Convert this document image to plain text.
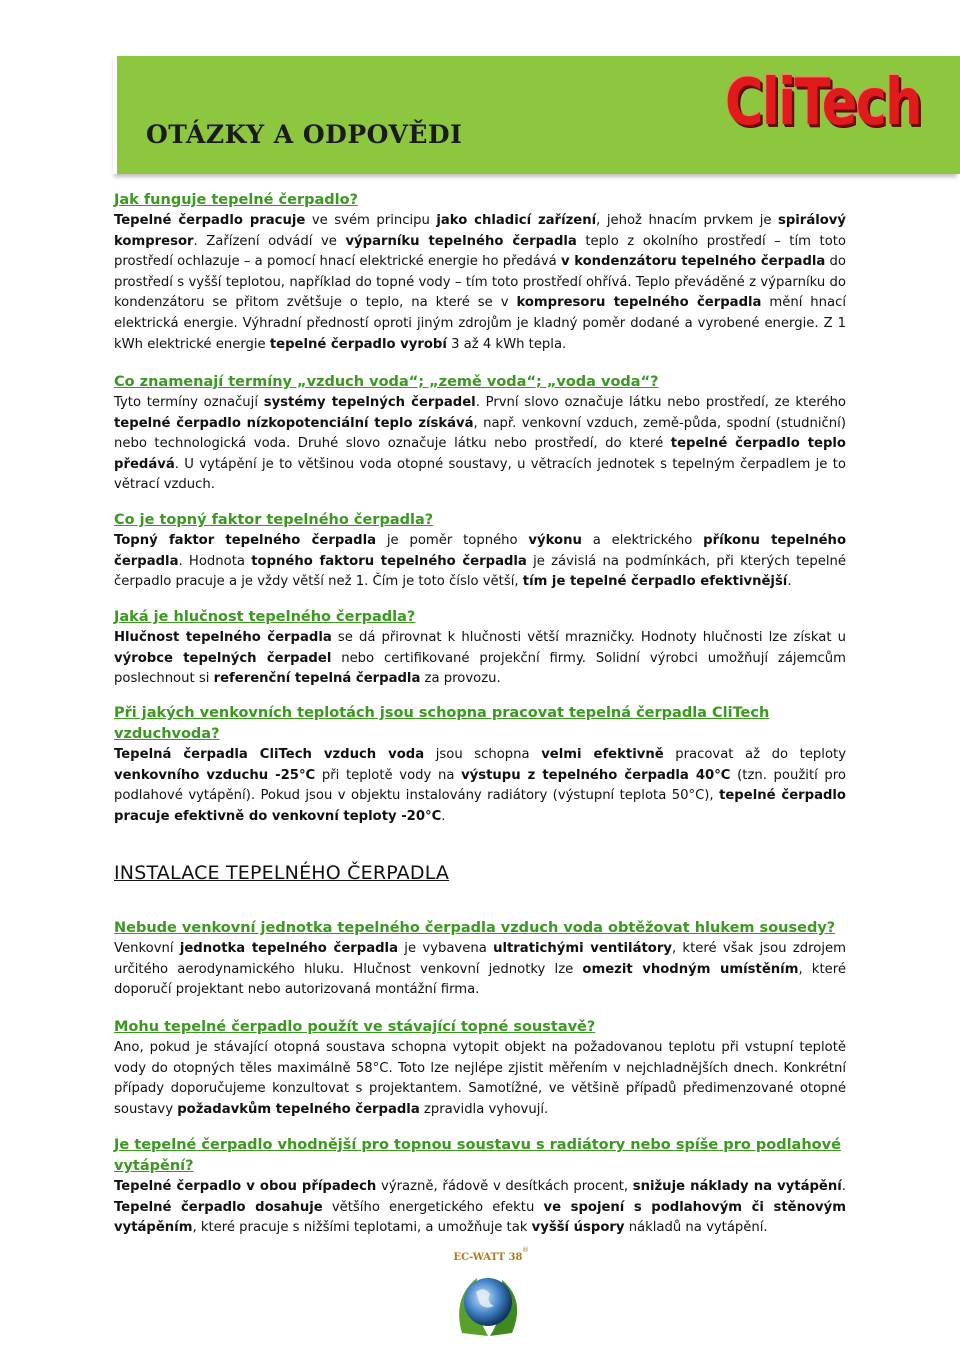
OTÁZKY A ODPOVĚDI	CliTech
Jak funguje tepelné čerpadlo?

Tepelné čerpadlo pracuje ve svém principu jako chladicí zařízení, jehož hnacím prvkem je spirálový kompresor. Zařízení odvádí ve výparníku tepelného čerpadla teplo z okolního prostředí – tím toto prostředí ochlazuje – a pomocí hnací elektrické energie ho předává v kondenzátoru tepelného čerpadla do prostředí s vyšší teplotou, například do topné vody – tím toto prostředí ohřívá. Teplo převáděné z výparníku do kondenzátoru se přitom zvětšuje o teplo, na které se v kompresoru tepelného čerpadla mění hnací elektrická energie. Výhradní předností oproti jiným zdrojům je kladný poměr dodané a vyrobené energie. Z 1 kWh elektrické energie tepelné čerpadlo vyrobí 3 až 4 kWh tepla.

Co znamenají termíny „vzduch voda“; „země voda“; „voda voda“?

Tyto termíny označují systémy tepelných čerpadel. První slovo označuje látku nebo prostředí, ze kterého tepelné čerpadlo nízkopotenciální teplo získává, např. venkovní vzduch, země-půda, spodní (studniční) nebo technologická voda. Druhé slovo označuje látku nebo prostředí, do které tepelné čerpadlo teplo předává. U vytápění je to většinou voda otopné soustavy, u větracích jednotek s tepelným čerpadlem je to větrací vzduch.

Co je topný faktor tepelného čerpadla?

Topný faktor tepelného čerpadla je poměr topného výkonu a elektrického příkonu tepelného čerpadla. Hodnota topného faktoru tepelného čerpadla je závislá na podmínkách, při kterých tepelné čerpadlo pracuje a je vždy větší než 1. Čím je toto číslo větší, tím je tepelné čerpadlo efektivnější.

Jaká je hlučnost tepelného čerpadla?

Hlučnost tepelného čerpadla se dá přirovnat k hlučnosti větší mrazničky. Hodnoty hlučnosti lze získat u výrobce tepelných čerpadel nebo certifikované projekční firmy. Solidní výrobci umožňují zájemcům poslechnout si referenční tepelná čerpadla za provozu.

Při jakých venkovních teplotách jsou schopna pracovat tepelná čerpadla CliTech vzduchvoda?

Tepelná čerpadla CliTech vzduch voda jsou schopna velmi efektivně pracovat až do teploty venkovního vzduchu -25°C při teplotě vody na výstupu z tepelného čerpadla 40°C (tzn. použití pro podlahové vytápění). Pokud jsou v objektu instalovány radiátory (výstupní teplota 50°C), tepelné čerpadlo pracuje efektivně do venkovní teploty -20°C.

INSTALACE TEPELNÉHO ČERPADLA
Nebude venkovní jednotka tepelného čerpadla vzduch voda obtěžovat hlukem sousedy?

Venkovní jednotka tepelného čerpadla je vybavena ultratichými ventilátory, které však jsou zdrojem určitého aerodynamického hluku. Hlučnost venkovní jednotky lze omezit vhodným umístěním, které doporučí projektant nebo autorizovaná montážní firma.

Mohu tepelné čerpadlo použít ve stávající topné soustavě?

Ano, pokud je stávající otopná soustava schopna vytopit objekt na požadovanou teplotu při vstupní teplotě vody do otopných těles maximálně 58°C. Toto lze nejlépe zjistit měřením v nejchladnějších dnech. Konkrétní případy doporučujeme konzultovat s projektantem. Samotížné, ve většině případů předimenzované otopné soustavy požadavkům tepelného čerpadla zpravidla vyhovují.

Je tepelné čerpadlo vhodnější pro topnou soustavu s radiátory nebo spíše pro podlahové vytápění?

Tepelné čerpadlo v obou případech výrazně, řádově v desítkách procent, snižuje náklady na vytápění. Tepelné čerpadlo dosahuje většího energetického efektu ve spojení s podlahovým či stěnovým vytápěním, které pracuje s nižšími teplotami, a umožňuje tak vyšší úspory nákladů na vytápění.

EC-WATT 38
®
